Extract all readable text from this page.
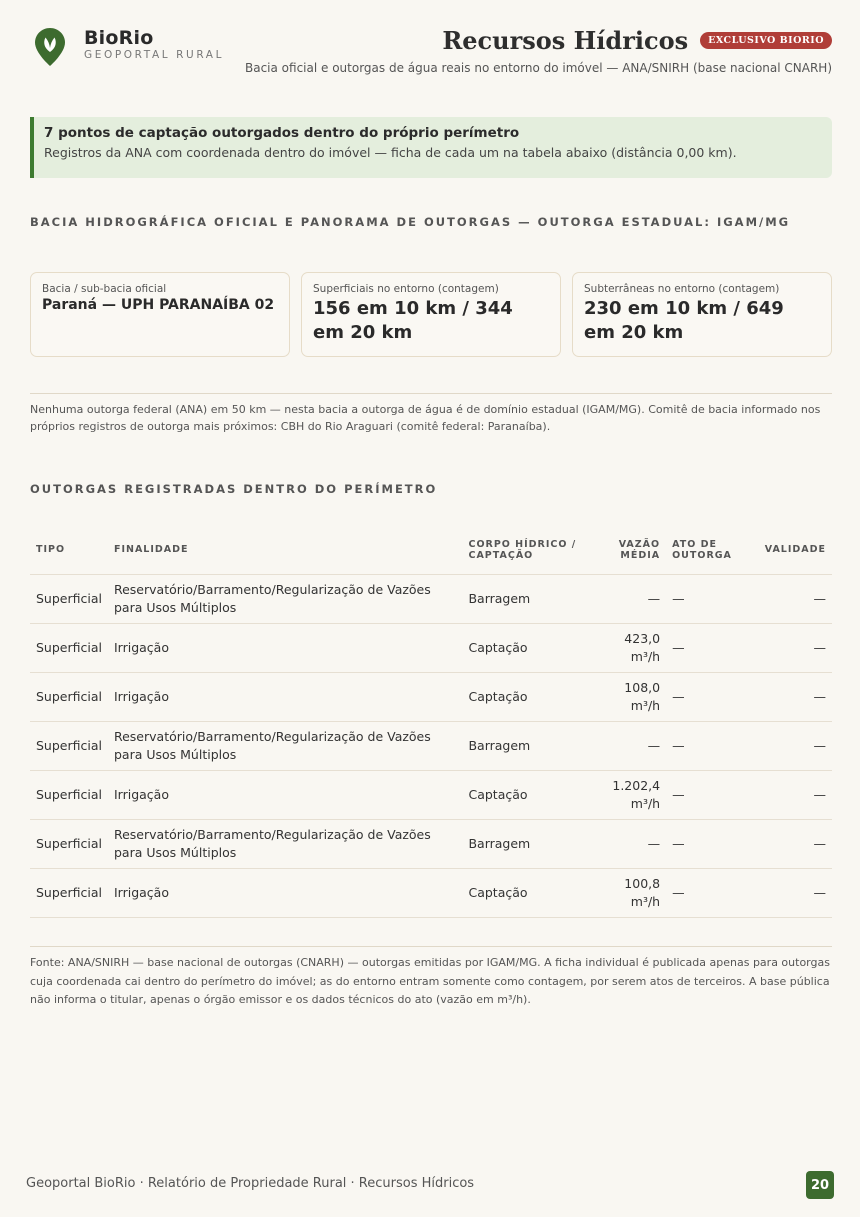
BioRio
GEOPORTAL RURAL	Recursos Hídricos	EXCLUSIVO BIORIO
Bacia oficial e outorgas de água reais no entorno do imóvel — ANA/SNIRH (base nacional CNARH)
7 pontos de captação outorgados dentro do próprio perímetro
Registros da ANA com coordenada dentro do imóvel — ficha de cada um na tabela abaixo (distância 0,00 km).
BACIA HIDROGRÁFICA OFICIAL E PANORAMA DE OUTORGAS — OUTORGA ESTADUAL: IGAM/MG
Bacia / sub-bacia oficial
Paraná — UPH PARANAÍBA 02
Superficiais no entorno (contagem)
156 em 10 km / 344 em 20 km
Subterrâneas no entorno (contagem)
230 em 10 km / 649 em 20 km
Nenhuma outorga federal (ANA) em 50 km — nesta bacia a outorga de água é de domínio estadual (IGAM/MG). Comitê de bacia informado nos próprios registros de outorga mais próximos: CBH do Rio Araguari (comitê federal: Paranaíba).
OUTORGAS REGISTRADAS DENTRO DO PERÍMETRO
TIPO	FINALIDADE	CORPO HÍDRICO / CAPTAÇÃO	VAZÃO MÉDIA	ATO DE OUTORGA	VALIDADE
Superficial	Reservatório/Barramento/Regularização de Vazões para Usos Múltiplos	Barragem	—	—	—
Superficial	Irrigação	Captação	423,0 m³/h	—	—
Superficial	Irrigação	Captação	108,0 m³/h	—	—
Superficial	Reservatório/Barramento/Regularização de Vazões para Usos Múltiplos	Barragem	—	—	—
Superficial	Irrigação	Captação	1.202,4 m³/h	—	—
Superficial	Reservatório/Barramento/Regularização de Vazões para Usos Múltiplos	Barragem	—	—	—
Superficial	Irrigação	Captação	100,8 m³/h	—	—
Fonte: ANA/SNIRH — base nacional de outorgas (CNARH) — outorgas emitidas por IGAM/MG. A ficha individual é publicada apenas para outorgas cuja coordenada cai dentro do perímetro do imóvel; as do entorno entram somente como contagem, por serem atos de terceiros. A base pública não informa o titular, apenas o órgão emissor e os dados técnicos do ato (vazão em m³/h).
Geoportal BioRio · Relatório de Propriedade Rural · Recursos Hídricos	20
